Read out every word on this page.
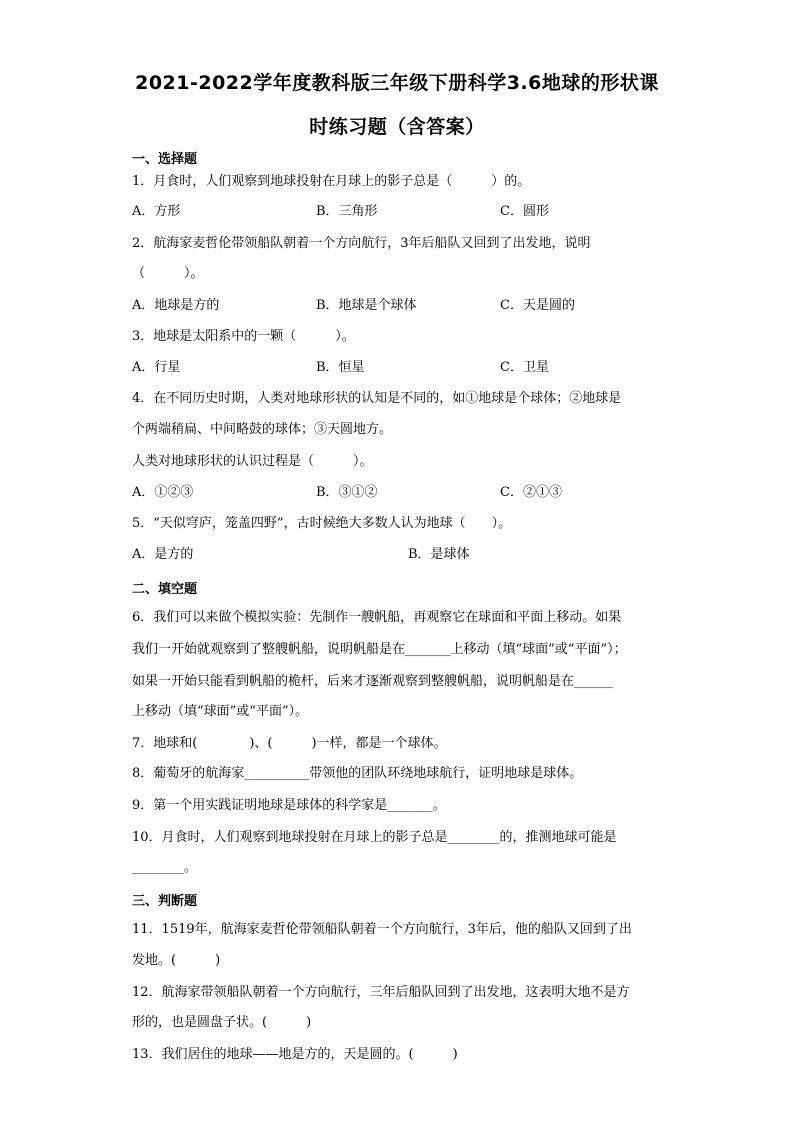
2021-2022学年度教科版三年级下册科学3.6地球的形状课
时练习题（含答案）
一、选择题
1．月食时，人们观察到地球投射在月球上的影子总是（　　　）的。
A．方形	B．三角形	C．圆形
2．航海家麦哲伦带领船队朝着一个方向航行，3年后船队又回到了出发地，说明
（　　　）。
A．地球是方的	B．地球是个球体	C．天是圆的
3．地球是太阳系中的一颗（　　　）。
A．行星	B．恒星	C．卫星
4．在不同历史时期，人类对地球形状的认知是不同的，如①地球是个球体；②地球是
个两端稍扁、中间略鼓的球体；③天圆地方。
人类对地球形状的认识过程是（　　　）。
A．①②③	B．③①②	C．②①③
5．“天似穹庐，笼盖四野”，古时候绝大多数人认为地球（　　）。
A．是方的	B．是球体
二、填空题
6．我们可以来做个模拟实验：先制作一艘帆船，再观察它在球面和平面上移动。如果
我们一开始就观察到了整艘帆船，说明帆船是在_______上移动（填“球面”或“平面”）；
如果一开始只能看到帆船的桅杆，后来才逐渐观察到整艘帆船，说明帆船是在______
上移动（填“球面”或“平面”）。
7．地球和(　　　　)、(　　　)一样，都是一个球体。
8．葡萄牙的航海家__________带领他的团队环绕地球航行，证明地球是球体。
9．第一个用实践证明地球是球体的科学家是_______。
10．月食时，人们观察到地球投射在月球上的影子总是________的，推测地球可能是
________。
三、判断题
11．1519年，航海家麦哲伦带领船队朝着一个方向航行，3年后，他的船队又回到了出
发地。(　　　)
12．航海家带领船队朝着一个方向航行，三年后船队回到了出发地，这表明大地不是方
形的，也是圆盘子状。(　　　)
13．我们居住的地球——地是方的，天是圆的。(　　　)
